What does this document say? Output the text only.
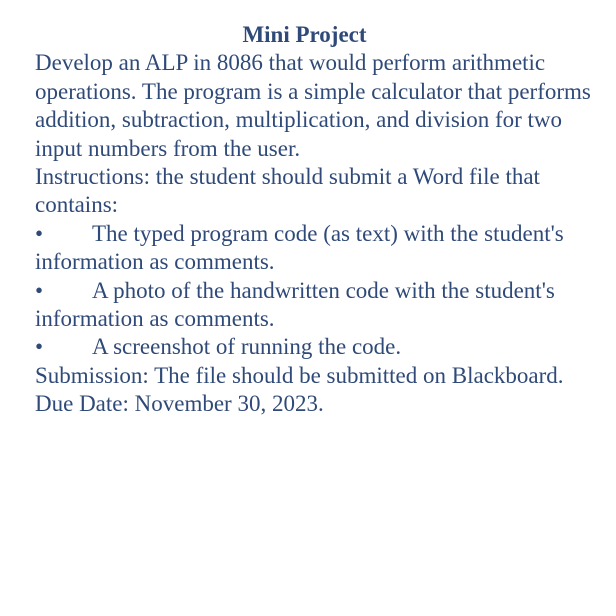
Mini Project

Develop an ALP in 8086 that would perform arithmetic operations. The program is a simple calculator that performs addition, subtraction, multiplication, and division for two input numbers from the user.

Instructions: the student should submit a Word file that contains:

• The typed program code (as text) with the student's information as comments.

• A photo of the handwritten code with the student's information as comments.

• A screenshot of running the code.

Submission: The file should be submitted on Blackboard.

Due Date: November 30, 2023.
